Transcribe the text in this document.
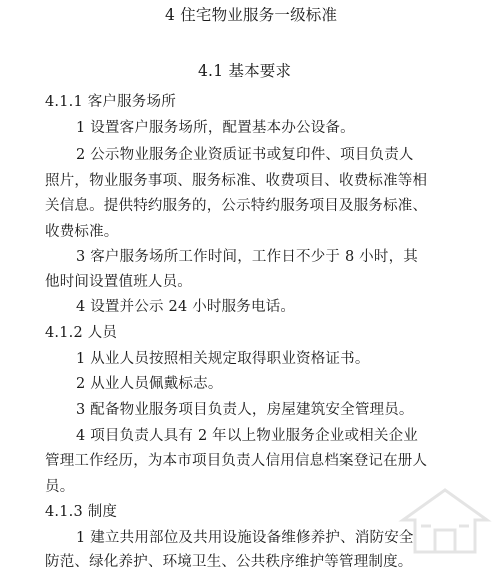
4 住宅物业服务一级标准
4.1 基本要求
4.1.1 客户服务场所
1 设置客户服务场所，配置基本办公设备。
2 公示物业服务企业资质证书或复印件、项目负责人
照片，物业服务事项、服务标准、收费项目、收费标准等相
关信息。提供特约服务的，公示特约服务项目及服务标准、
收费标准。
3 客户服务场所工作时间，工作日不少于 8 小时，其
他时间设置值班人员。
4 设置并公示 24 小时服务电话。
4.1.2 人员
1 从业人员按照相关规定取得职业资格证书。
2 从业人员佩戴标志。
3 配备物业服务项目负责人，房屋建筑安全管理员。
4 项目负责人具有 2 年以上物业服务企业或相关企业
管理工作经历，为本市项目负责人信用信息档案登记在册人
员。
4.1.3 制度
1 建立共用部位及共用设施设备维修养护、消防安全
防范、绿化养护、环境卫生、公共秩序维护等管理制度。
